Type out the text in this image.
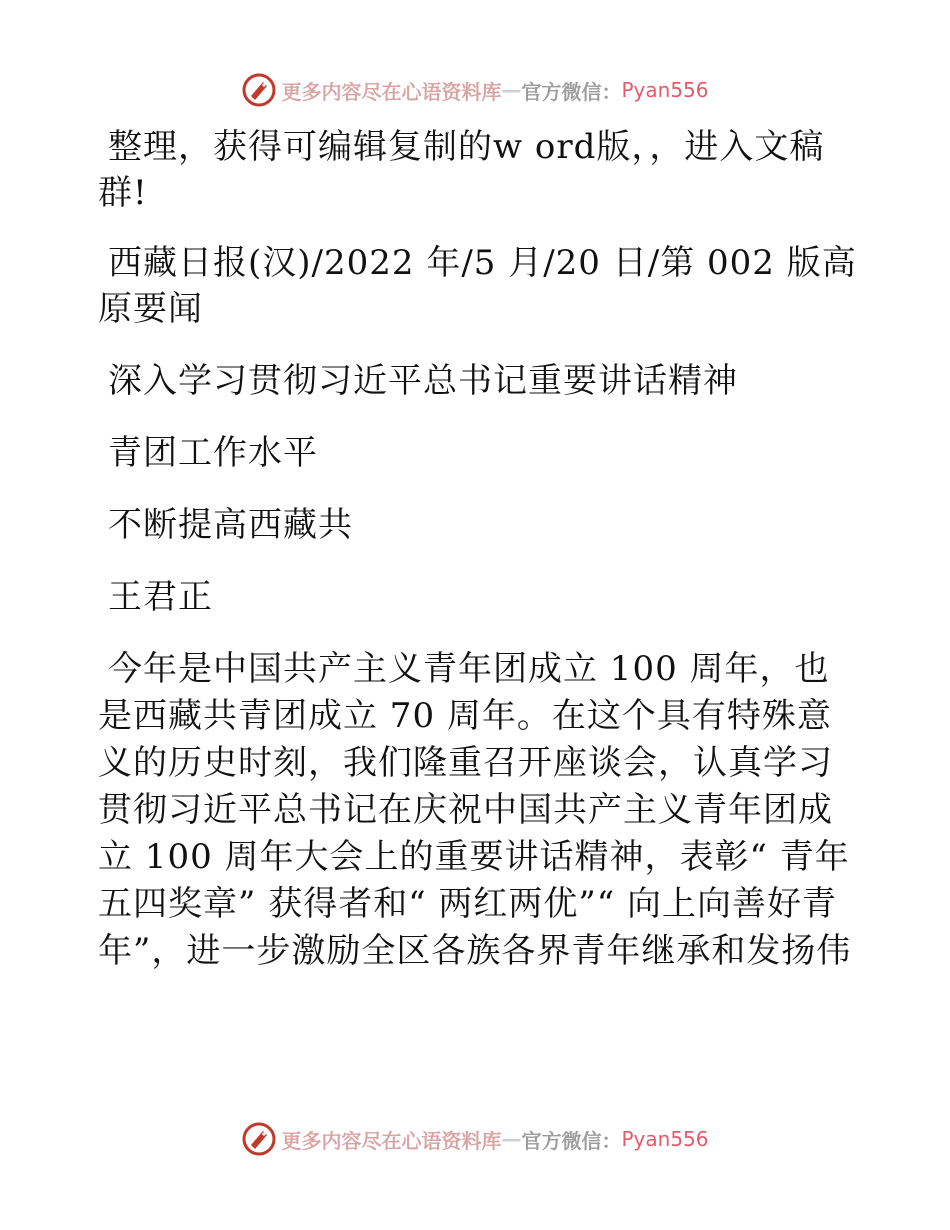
更多内容尽在心语资料库 — 官方微信： Pyan556

整理，获得可编辑复制的w ord版，，进入文稿群!

西藏日报(汉)/2022 年/5 月/20 日/第 002 版高原要闻

深入学习贯彻习近平总书记重要讲话精神

青团工作水平

不断提高西藏共

王君正

今年是中国共产主义青年团成立 100 周年，也是西藏共青团成立 70 周年。在这个具有特殊意义的历史时刻，我们隆重召开座谈会，认真学习贯彻习近平总书记在庆祝中国共产主义青年团成立 100 周年大会上的重要讲话精神，表彰“ 青年五四奖章” 获得者和“ 两红两优”“ 向上向善好青年”，进一步激励全区各族各界青年继承和发扬伟

更多内容尽在心语资料库 — 官方微信： Pyan556
